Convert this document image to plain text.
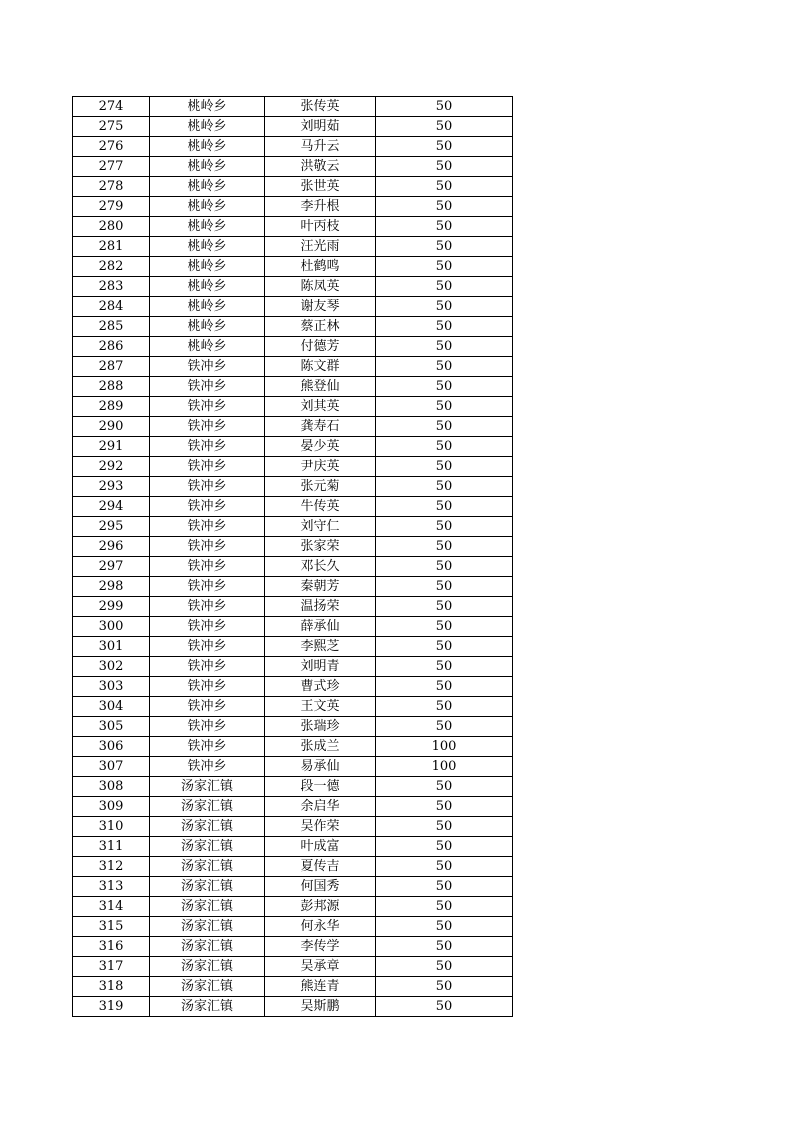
274	桃岭乡	张传英	50
275	桃岭乡	刘明茹	50
276	桃岭乡	马升云	50
277	桃岭乡	洪敬云	50
278	桃岭乡	张世英	50
279	桃岭乡	李升根	50
280	桃岭乡	叶丙枝	50
281	桃岭乡	汪光雨	50
282	桃岭乡	杜鹤鸣	50
283	桃岭乡	陈凤英	50
284	桃岭乡	谢友琴	50
285	桃岭乡	蔡正林	50
286	桃岭乡	付德芳	50
287	铁冲乡	陈文群	50
288	铁冲乡	熊登仙	50
289	铁冲乡	刘其英	50
290	铁冲乡	龚寿石	50
291	铁冲乡	晏少英	50
292	铁冲乡	尹庆英	50
293	铁冲乡	张元菊	50
294	铁冲乡	牛传英	50
295	铁冲乡	刘守仁	50
296	铁冲乡	张家荣	50
297	铁冲乡	邓长久	50
298	铁冲乡	秦朝芳	50
299	铁冲乡	温扬荣	50
300	铁冲乡	薛承仙	50
301	铁冲乡	李熙芝	50
302	铁冲乡	刘明青	50
303	铁冲乡	曹式珍	50
304	铁冲乡	王文英	50
305	铁冲乡	张瑞珍	50
306	铁冲乡	张成兰	100
307	铁冲乡	易承仙	100
308	汤家汇镇	段一德	50
309	汤家汇镇	余启华	50
310	汤家汇镇	吴作荣	50
311	汤家汇镇	叶成富	50
312	汤家汇镇	夏传吉	50
313	汤家汇镇	何国秀	50
314	汤家汇镇	彭邦源	50
315	汤家汇镇	何永华	50
316	汤家汇镇	李传学	50
317	汤家汇镇	吴承章	50
318	汤家汇镇	熊连青	50
319	汤家汇镇	吴斯鹏	50
